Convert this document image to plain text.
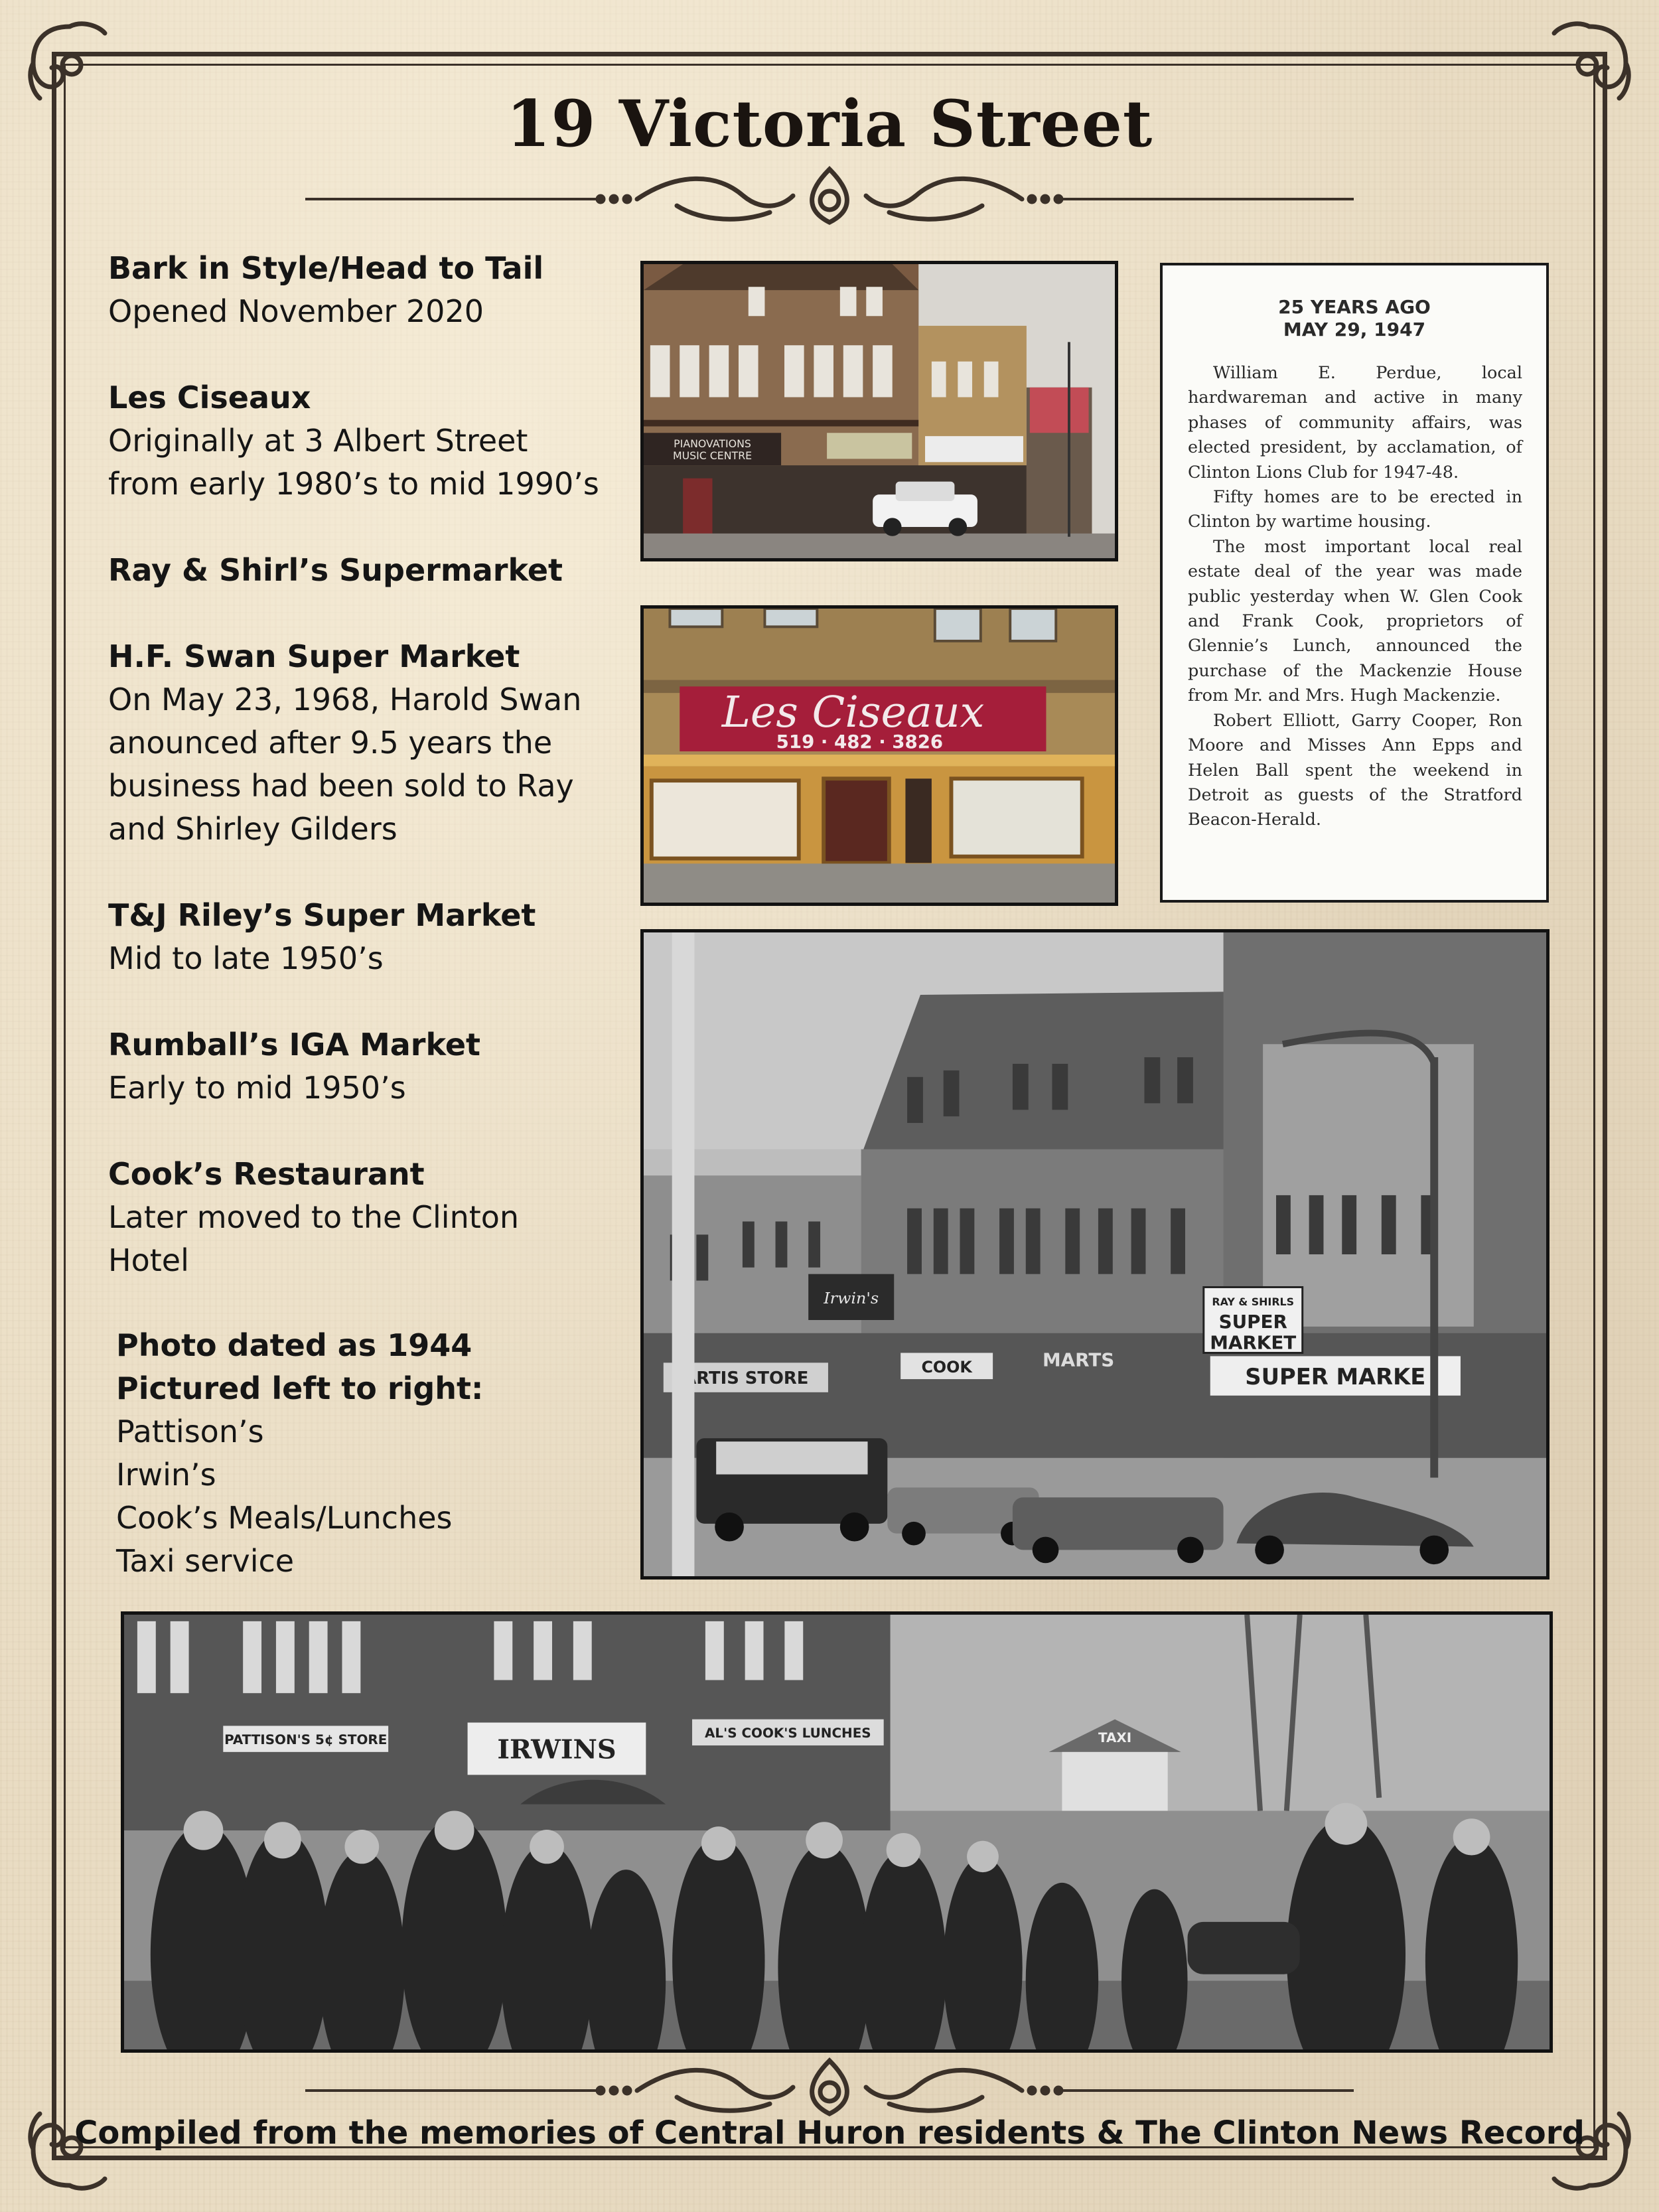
19 Victoria Street
Bark in Style/Head to Tail
Opened November 2020
Les Ciseaux
Originally at 3 Albert Street
from early 1980’s to mid 1990’s
Ray & Shirl’s Supermarket
H.F. Swan Super Market
On May 23, 1968, Harold Swan
anounced after 9.5 years the
business had been sold to Ray
and Shirley Gilders
T&J Riley’s Super Market
Mid to late 1950’s
Rumball’s IGA Market
Early to mid 1950’s
Cook’s Restaurant
Later moved to the Clinton
Hotel
Photo dated as 1944
Pictured left to right:
Pattison’s
Irwin’s
Cook’s Meals/Lunches
Taxi service
PIANOVATIONS MUSIC CENTRE
Les Ciseaux
519 · 482 · 3826
25 YEARS AGO
MAY 29, 1947

William E. Perdue, local hardwareman and active in many phases of community affairs, was elected president, by acclamation, of Clinton Lions Club for 1947-48.

Fifty homes are to be erected in Clinton by wartime housing.

The most important local real estate deal of the year was made public yesterday when W. Glen Cook and Frank Cook, proprietors of Glennie’s Lunch, announced the purchase of the Mackenzie House from Mr. and Mrs. Hugh Mackenzie.

Robert Elliott, Garry Cooper, Ron Moore and Misses Ann Epps and Helen Ball spent the weekend in Detroit as guests of the Stratford Beacon-Herald.

ARTIS STORE
Irwin's
COOK	MARTS
RAY & SHIRLS
SUPER MARKET
SUPER MARKE
PATTISON'S 5¢ STORE	IRWINS
AL'S COOK'S LUNCHES	TAXI
Compiled from the memories of Central Huron residents & The Clinton News Record
